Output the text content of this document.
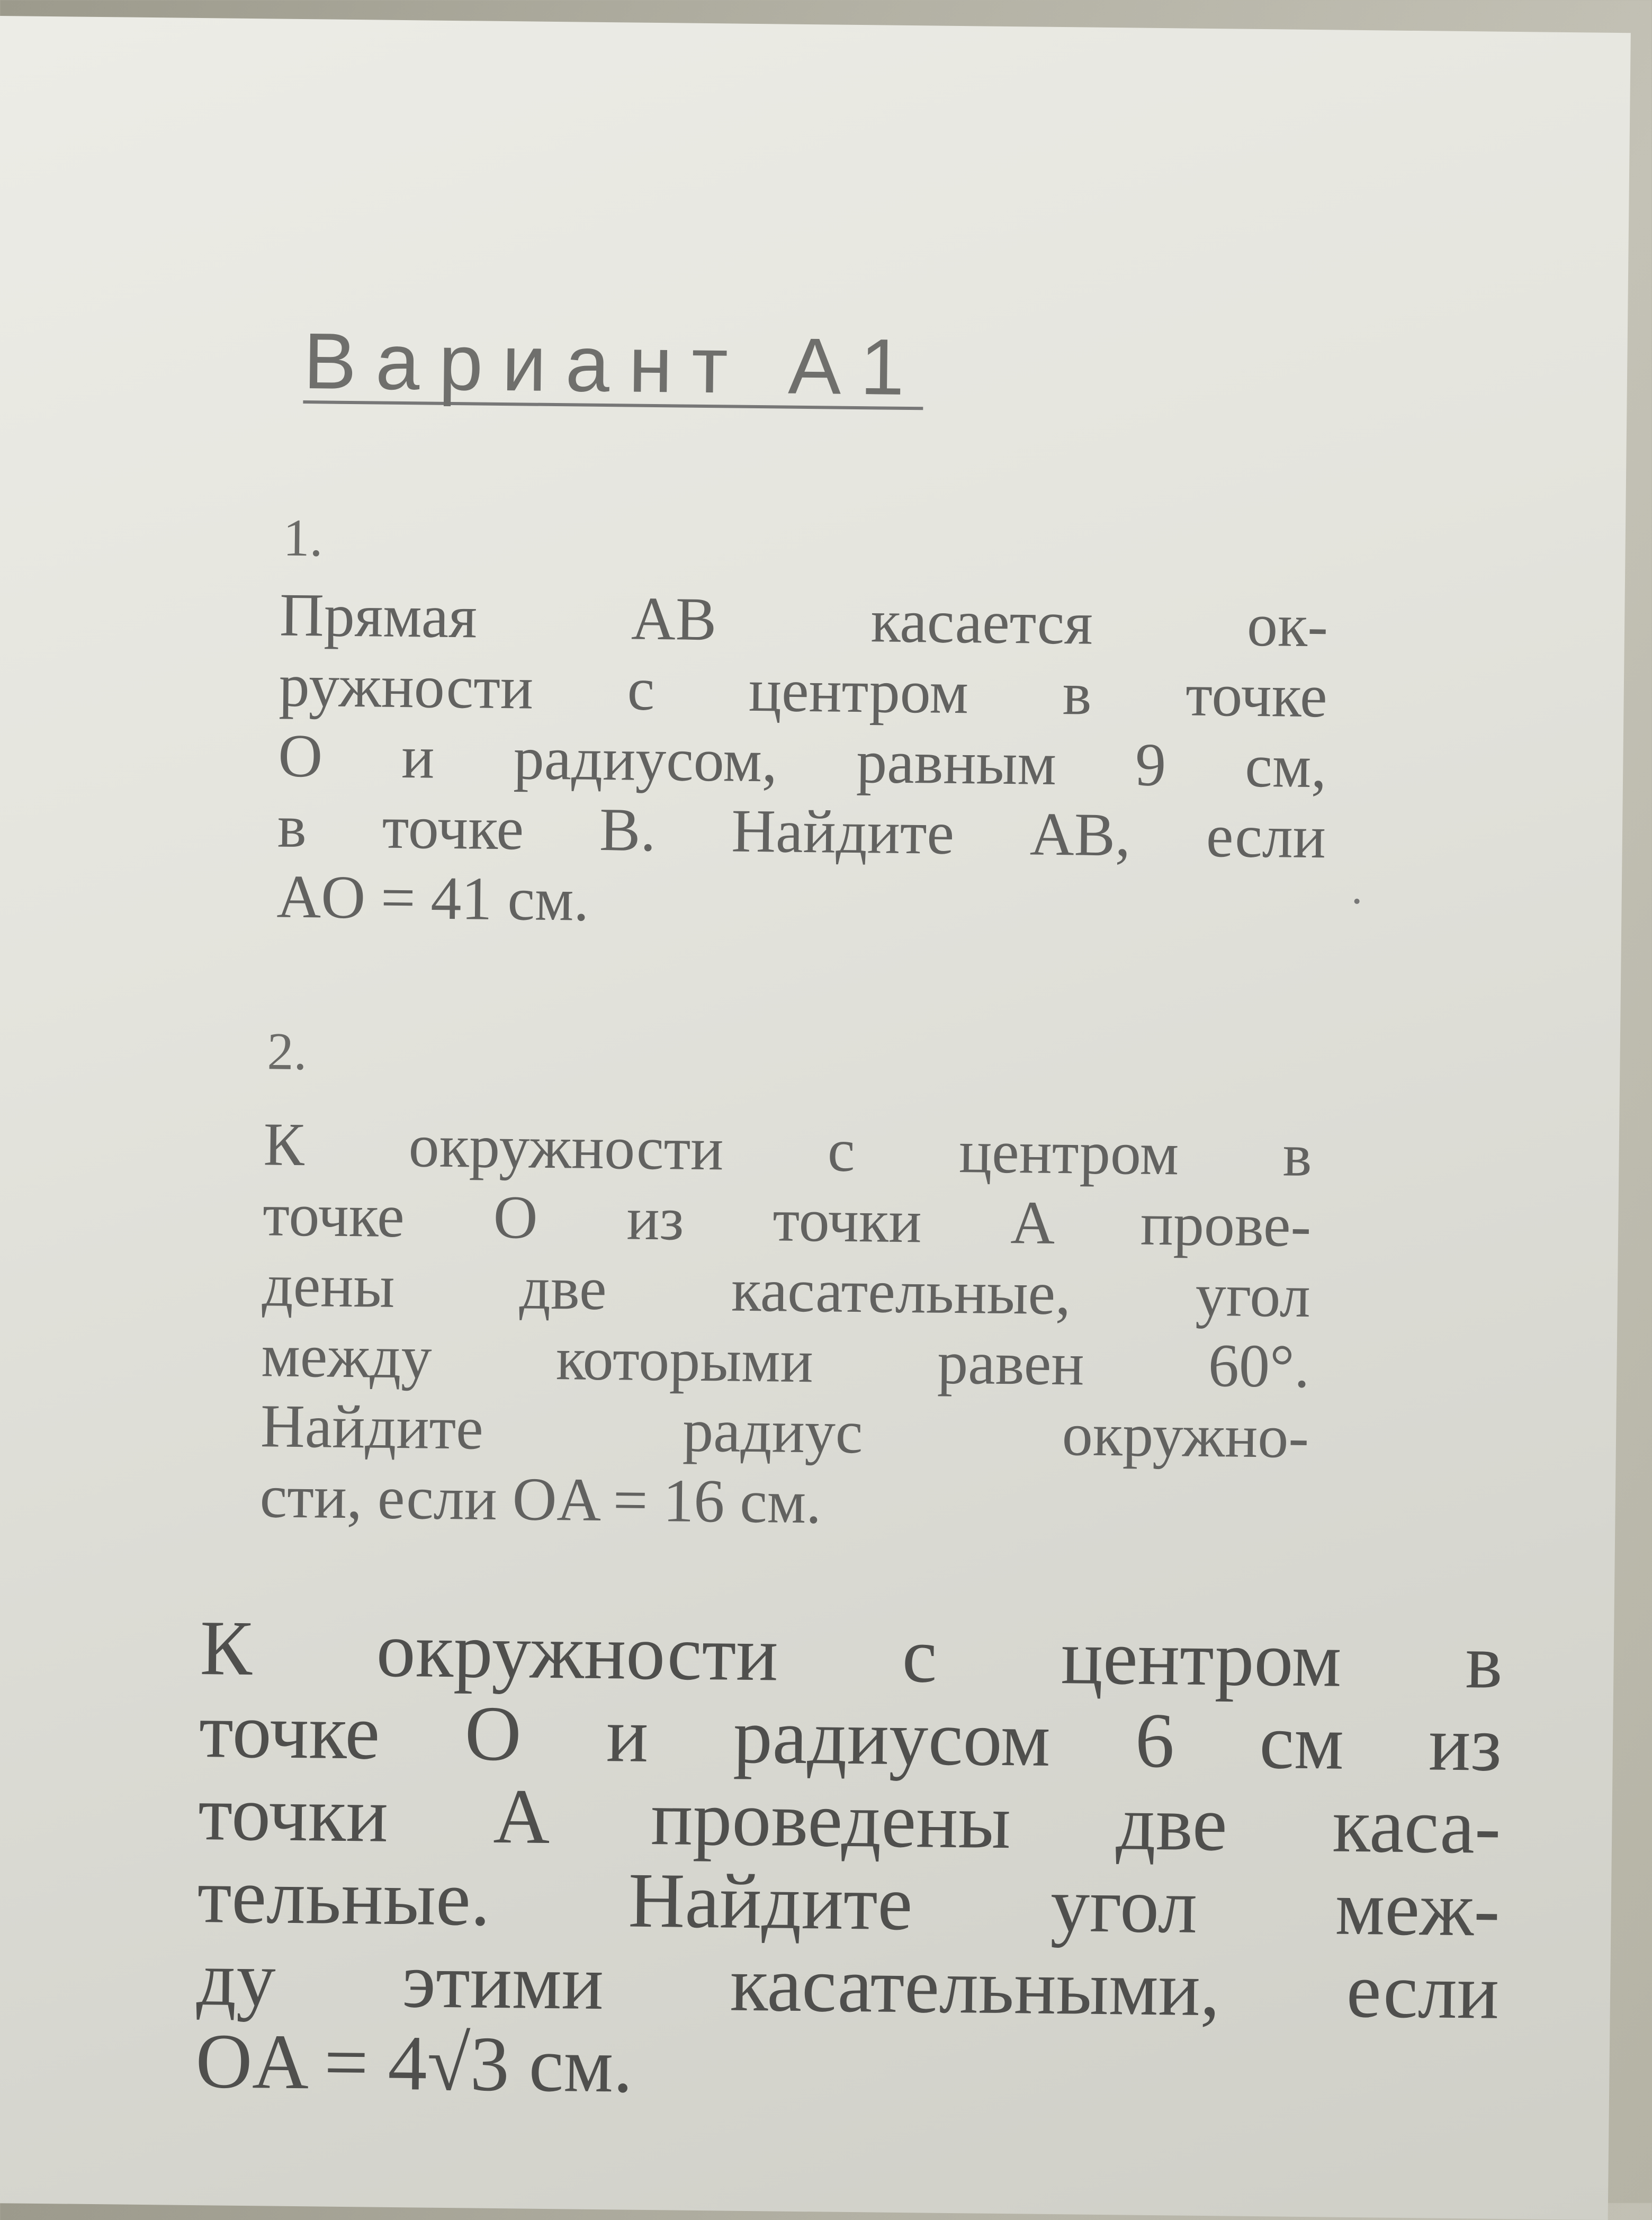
Вариант А1
1.
Прямая AB касается ок-
ружности с центром в точке
O и радиусом, равным 9 см,
в точке B. Найдите AB, если
AO = 41 см.
2.
К окружности с центром в
точке O из точки A прове-
дены две касательные, угол
между которыми равен 60°.
Найдите радиус окружно-
сти, если OA = 16 см.
К окружности с центром в
точке O и радиусом 6 см из
точки A проведены две каса-
тельные. Найдите угол меж-
ду этими касательными, если
OA = 4√3 см.
